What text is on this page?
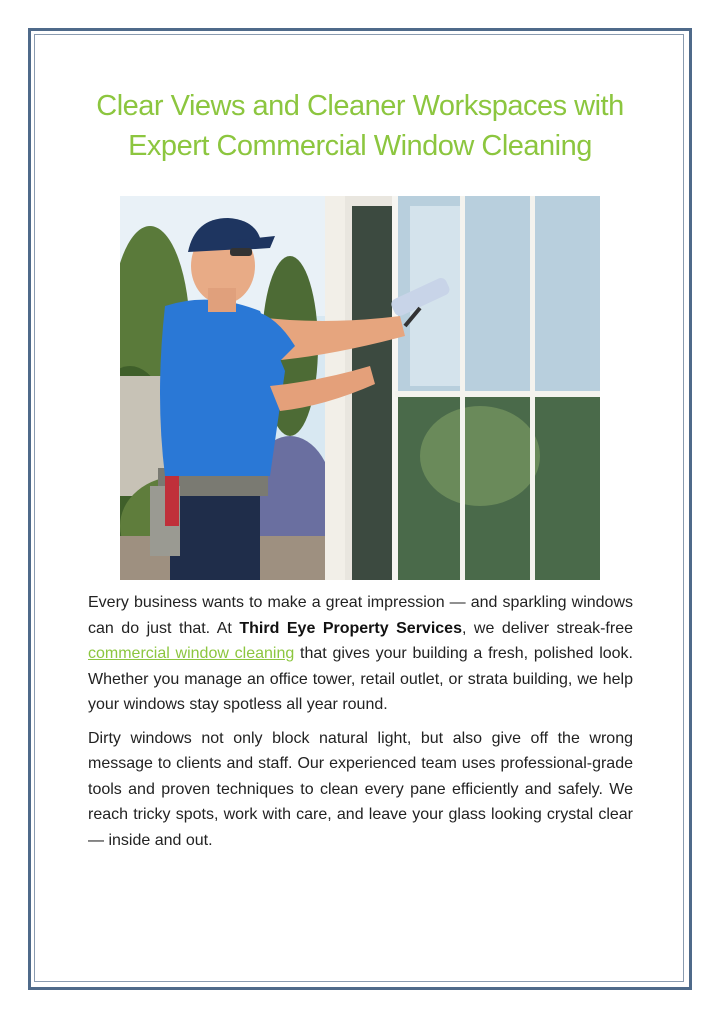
Clear Views and Cleaner Workspaces with Expert Commercial Window Cleaning

Every business wants to make a great impression — and sparkling windows can do just that. At Third Eye Property Services, we deliver streak-free commercial window cleaning that gives your building a fresh, polished look. Whether you manage an office tower, retail outlet, or strata building, we help your windows stay spotless all year round.

Dirty windows not only block natural light, but also give off the wrong message to clients and staff. Our experienced team uses professional-grade tools and proven techniques to clean every pane efficiently and safely. We reach tricky spots, work with care, and leave your glass looking crystal clear — inside and out.
